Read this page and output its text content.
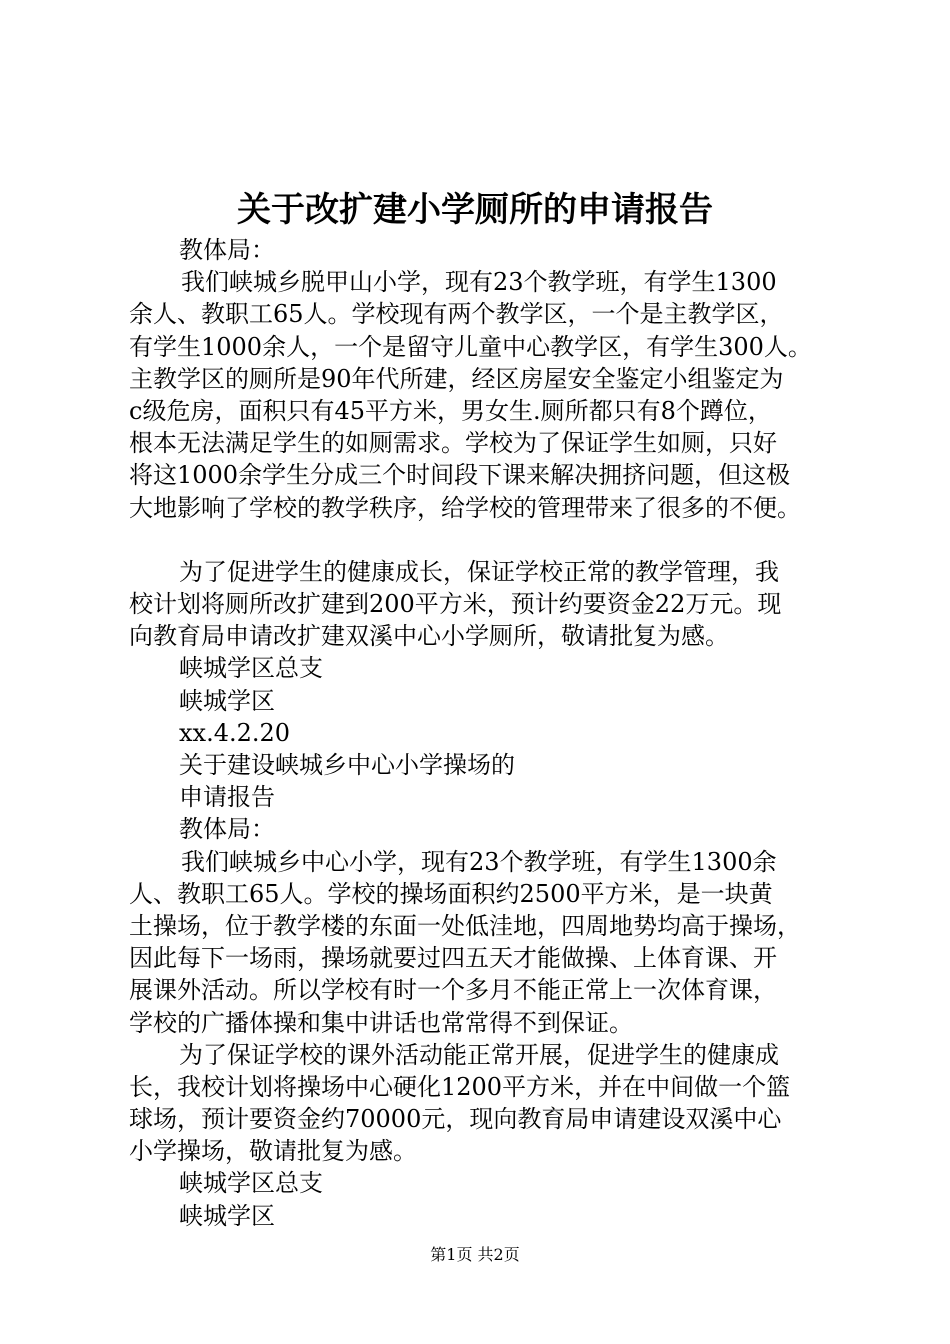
关于改扩建小学厕所的申请报告
教体局：
我们峡城乡脱甲山小学，现有23个教学班，有学生1300
余人、教职工65人。学校现有两个教学区，一个是主教学区，
有学生1000余人，一个是留守儿童中心教学区，有学生300人。
主教学区的厕所是90年代所建，经区房屋安全鉴定小组鉴定为
c级危房，面积只有45平方米，男女生.厕所都只有8个蹲位，
根本无法满足学生的如厕需求。学校为了保证学生如厕，只好
将这1000余学生分成三个时间段下课来解决拥挤问题，但这极
大地影响了学校的教学秩序，给学校的管理带来了很多的不便。
为了促进学生的健康成长，保证学校正常的教学管理，我
校计划将厕所改扩建到200平方米，预计约要资金22万元。现
向教育局申请改扩建双溪中心小学厕所，敬请批复为感。
峡城学区总支
峡城学区
xx.4.2.20
关于建设峡城乡中心小学操场的
申请报告
教体局：
我们峡城乡中心小学，现有23个教学班，有学生1300余
人、教职工65人。学校的操场面积约2500平方米，是一块黄
土操场，位于教学楼的东面一处低洼地，四周地势均高于操场，
因此每下一场雨，操场就要过四五天才能做操、上体育课、开
展课外活动。所以学校有时一个多月不能正常上一次体育课，
学校的广播体操和集中讲话也常常得不到保证。
为了保证学校的课外活动能正常开展，促进学生的健康成
长，我校计划将操场中心硬化1200平方米，并在中间做一个篮
球场，预计要资金约70000元，现向教育局申请建设双溪中心
小学操场，敬请批复为感。
峡城学区总支
峡城学区
第1页 共2页
